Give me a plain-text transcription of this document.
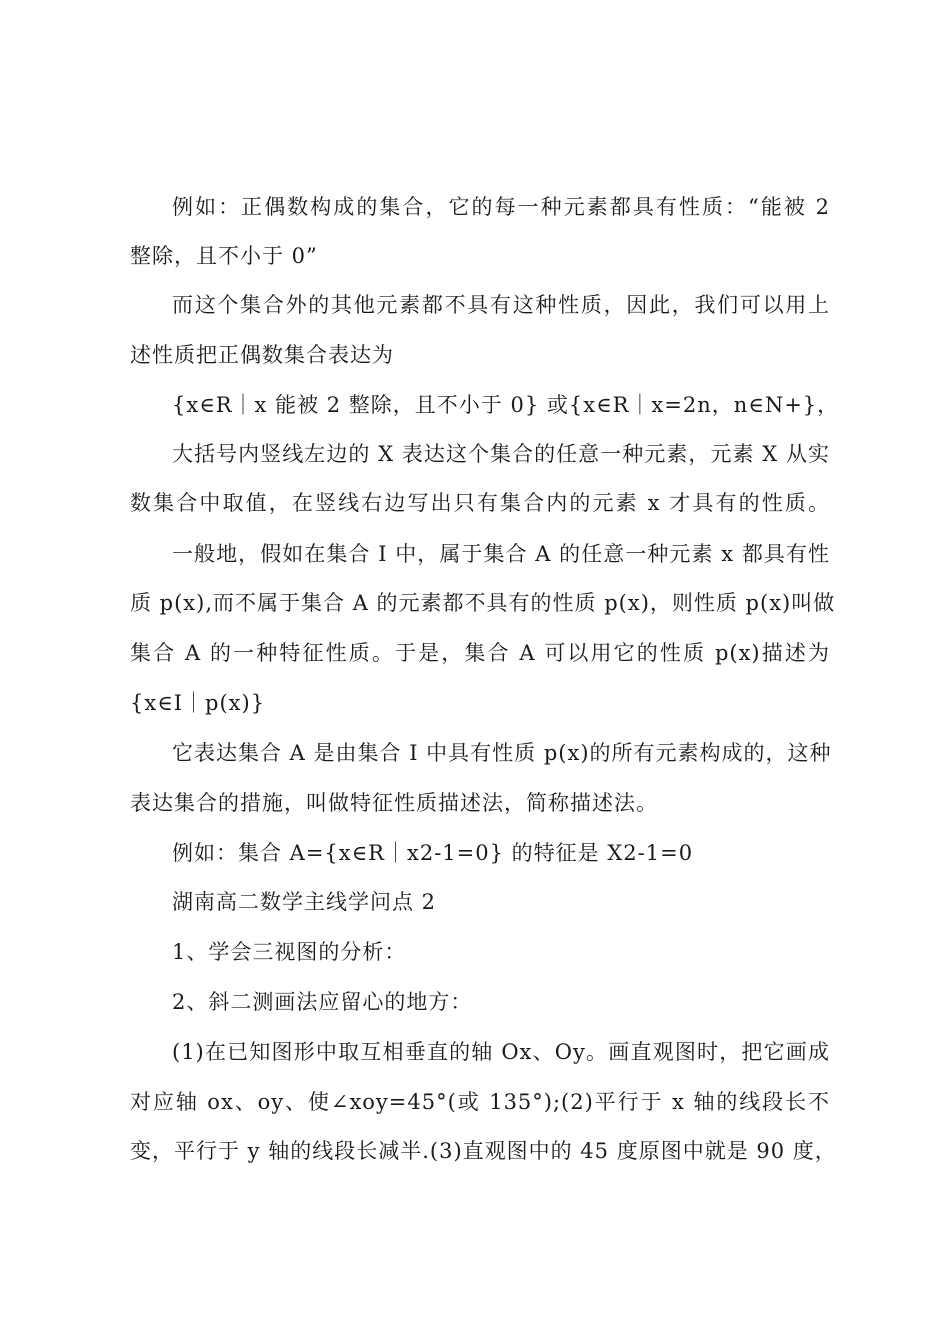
例如：正偶数构成的集合，它的每一种元素都具有性质：“能被 2
整除，且不小于 0”
而这个集合外的其他元素都不具有这种性质，因此，我们可以用上
述性质把正偶数集合表达为
{x∈R｜x 能被 2 整除，且不小于 0} 或{x∈R｜x=2n，n∈N+}，
大括号内竖线左边的 X 表达这个集合的任意一种元素，元素 X 从实
数集合中取值，在竖线右边写出只有集合内的元素 x 才具有的性质。
一般地，假如在集合 I 中，属于集合 A 的任意一种元素 x 都具有性
质 p(x),而不属于集合 A 的元素都不具有的性质 p(x)，则性质 p(x)叫做
集合 A 的一种特征性质。于是，集合 A 可以用它的性质 p(x)描述为
{x∈I｜p(x)}
它表达集合 A 是由集合 I 中具有性质 p(x)的所有元素构成的，这种
表达集合的措施，叫做特征性质描述法，简称描述法。
例如：集合 A={x∈R｜x2-1=0} 的特征是 X2-1=0
湖南高二数学主线学问点 2
1、学会三视图的分析：
2、斜二测画法应留心的地方：
(1)在已知图形中取互相垂直的轴 Ox、Oy。画直观图时，把它画成
对应轴 ox、oy、使∠xoy=45°(或 135°);(2)平行于 x 轴的线段长不
变，平行于 y 轴的线段长减半.(3)直观图中的 45 度原图中就是 90 度，
